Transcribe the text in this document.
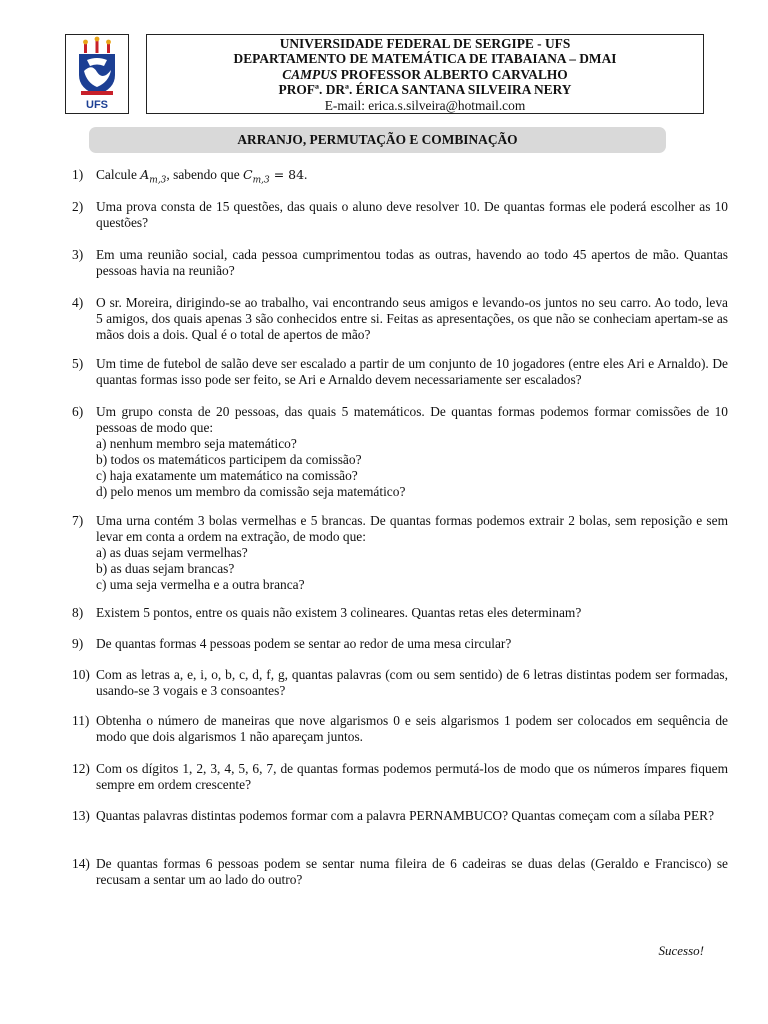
UFS
UNIVERSIDADE FEDERAL DE SERGIPE - UFS
DEPARTAMENTO DE MATEMÁTICA DE ITABAIANA – DMAI
CAMPUS PROFESSOR ALBERTO CARVALHO
PROFª. DRª. ÉRICA SANTANA SILVEIRA NERY
E-mail: erica.s.silveira@hotmail.com
ARRANJO, PERMUTAÇÃO E COMBINAÇÃO
1) Calcule $A_{m,3}$, sabendo que $C_{m,3} = 84$.
2) Uma prova consta de 15 questões, das quais o aluno deve resolver 10. De quantas formas ele poderá escolher as 10 questões?
3) Em uma reunião social, cada pessoa cumprimentou todas as outras, havendo ao todo 45 apertos de mão. Quantas pessoas havia na reunião?
4) O sr. Moreira, dirigindo-se ao trabalho, vai encontrando seus amigos e levando-os juntos no seu carro. Ao todo, leva 5 amigos, dos quais apenas 3 são conhecidos entre si. Feitas as apresentações, os que não se conheciam apertam-se as mãos dois a dois. Qual é o total de apertos de mão?
5) Um time de futebol de salão deve ser escalado a partir de um conjunto de 10 jogadores (entre eles Ari e Arnaldo). De quantas formas isso pode ser feito, se Ari e Arnaldo devem necessariamente ser escalados?
6) Um grupo consta de 20 pessoas, das quais 5 matemáticos. De quantas formas podemos formar comissões de 10 pessoas de modo que:
a) nenhum membro seja matemático?
b) todos os matemáticos participem da comissão?
c) haja exatamente um matemático na comissão?
d) pelo menos um membro da comissão seja matemático?
7) Uma urna contém 3 bolas vermelhas e 5 brancas. De quantas formas podemos extrair 2 bolas, sem reposição e sem levar em conta a ordem na extração, de modo que:
a) as duas sejam vermelhas?
b) as duas sejam brancas?
c) uma seja vermelha e a outra branca?
8) Existem 5 pontos, entre os quais não existem 3 colineares. Quantas retas eles determinam?
9) De quantas formas 4 pessoas podem se sentar ao redor de uma mesa circular?
10) Com as letras a, e, i, o, b, c, d, f, g, quantas palavras (com ou sem sentido) de 6 letras distintas podem ser formadas, usando-se 3 vogais e 3 consoantes?
11) Obtenha o número de maneiras que nove algarismos 0 e seis algarismos 1 podem ser colocados em sequência de modo que dois algarismos 1 não apareçam juntos.
12) Com os dígitos 1, 2, 3, 4, 5, 6, 7, de quantas formas podemos permutá-los de modo que os números ímpares fiquem sempre em ordem crescente?
13) Quantas palavras distintas podemos formar com a palavra PERNAMBUCO? Quantas começam com a sílaba PER?
14) De quantas formas 6 pessoas podem se sentar numa fileira de 6 cadeiras se duas delas (Geraldo e Francisco) se recusam a sentar um ao lado do outro?
Sucesso!
